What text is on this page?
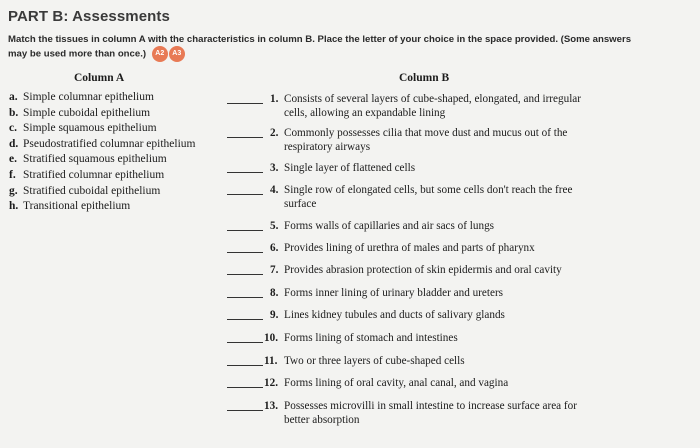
PART B: Assessments
Match the tissues in column A with the characteristics in column B. Place the letter of your choice in the space provided. (Some answers may be used more than once.) A2 A3
Column A	Column B
a. Simple columnar epithelium
b. Simple cuboidal epithelium
c. Simple squamous epithelium
d. Pseudostratified columnar epithelium
e. Stratified squamous epithelium
f. Stratified columnar epithelium
g. Stratified cuboidal epithelium
h. Transitional epithelium
1. Consists of several layers of cube-shaped, elongated, and irregular
cells, allowing an expandable lining
2. Commonly possesses cilia that move dust and mucus out of the
respiratory airways
3. Single layer of flattened cells
4. Single row of elongated cells, but some cells don't reach the free
surface
5. Forms walls of capillaries and air sacs of lungs
6. Provides lining of urethra of males and parts of pharynx
7. Provides abrasion protection of skin epidermis and oral cavity
8. Forms inner lining of urinary bladder and ureters
9. Lines kidney tubules and ducts of salivary glands
10. Forms lining of stomach and intestines
11. Two or three layers of cube-shaped cells
12. Forms lining of oral cavity, anal canal, and vagina
13. Possesses microvilli in small intestine to increase surface area for
better absorption
